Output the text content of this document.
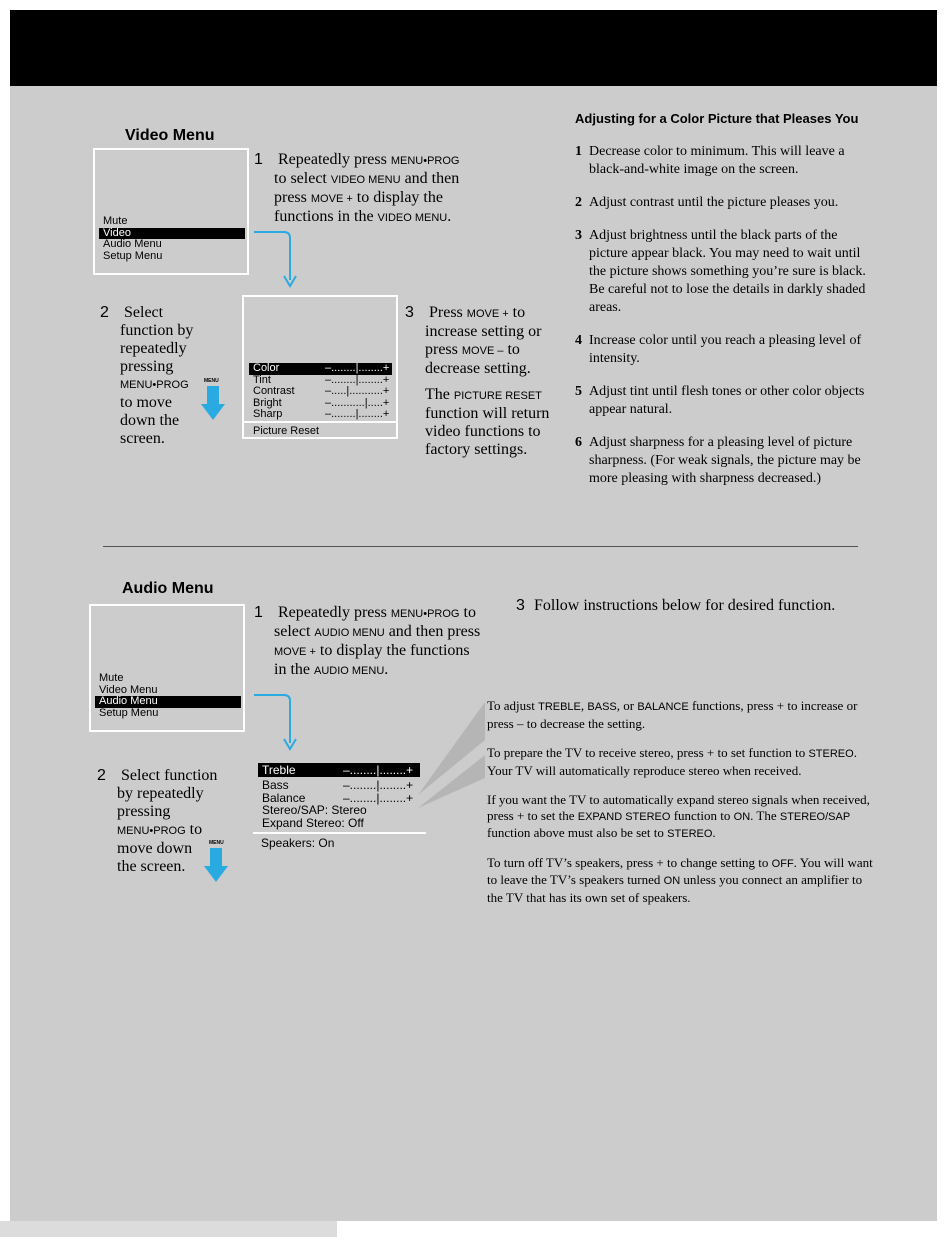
Video Menu
Mute
Video
Audio Menu
Setup Menu
1 Repeatedly press MENU•PROG
to select VIDEO MENU and then
press MOVE + to display the
functions in the VIDEO MENU.
2 Select
function by
repeatedly
pressing
MENU•PROG
to move
down the
screen.
MENU
Color	–........|........+
Tint	–........|........+
Contrast	–.....|...........+
Bright	–...........|.....+
Sharp	–........|........+
Picture Reset
3 Press MOVE + to
increase setting or
press MOVE – to
decrease setting.
The PICTURE RESET
function will return
video functions to
factory settings.
Adjusting for a Color Picture that Pleases You
1 Decrease color to minimum. This will leave a black-and-white image on the screen.
2 Adjust contrast until the picture pleases you.
3 Adjust brightness until the black parts of the picture appear black. You may need to wait until the picture shows something you’re sure is black. Be careful not to lose the details in darkly shaded areas.
4 Increase color until you reach a pleasing level of intensity.
5 Adjust tint until flesh tones or other color objects appear natural.
6 Adjust sharpness for a pleasing level of picture sharpness. (For weak signals, the picture may be more pleasing with sharpness decreased.)
Audio Menu
Mute
Video Menu
Audio Menu
Setup Menu
1 Repeatedly press MENU•PROG to
select AUDIO MENU and then press
MOVE + to display the functions
in the AUDIO MENU.
2 Select function
by repeatedly
pressing
MENU•PROG to
move down
the screen.
MENU
Treble	–........|........+
Bass	–........|........+
Balance	–........|........+
Stereo/SAP: Stereo
Expand Stereo: Off
Speakers: On
3 Follow instructions below for desired function.

To adjust TREBLE, BASS, or BALANCE functions, press + to increase or press – to decrease the setting.

To prepare the TV to receive stereo, press + to set function to STEREO. Your TV will automatically reproduce stereo when received.

If you want the TV to automatically expand stereo signals when received, press + to set the EXPAND STEREO function to ON. The STEREO/SAP function above must also be set to STEREO.

To turn off TV’s speakers, press + to change setting to OFF. You will want to leave the TV’s speakers turned ON unless you connect an amplifier to the TV that has its own set of speakers.
